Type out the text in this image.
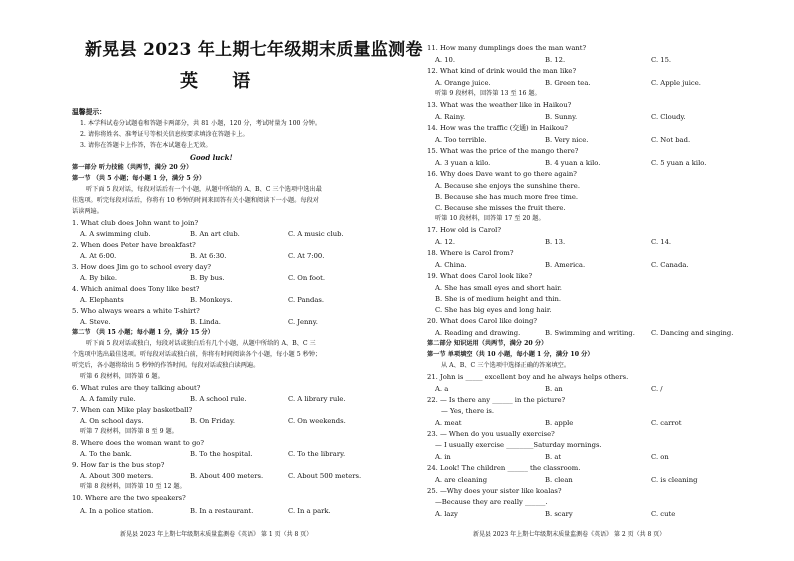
新晃县 2023 年上期七年级期末质量监测卷
英 语
温馨提示：
1. 本学科试卷分试题卷和答题卡两部分，共 81 小题，120 分，考试时量为 100 分钟。
2. 请你将姓名、准考证号等相关信息按要求填涂在答题卡上。
3. 请你在答题卡上作答，答在本试题卷上无效。
Good luck!
第一部分 听力技能（共两节，满分 20 分）
第一节 （共 5 小题；每小题 1 分，满分 5 分）
听下面 5 段对话，每段对话后有一个小题，从题中所给的 A、B、C 三个选项中选出最
佳选项。听完每段对话后，你将有 10 秒钟的时间来回答有关小题和阅读下一小题。每段对
话读两遍。
1. What club does John want to join?
A. A swimming club.	B. An art club.	C. A music club.
2. When does Peter have breakfast?
A. At 6:00.	B. At 6:30.	C. At 7:00.
3. How does Jim go to school every day?
A. By bike.	B. By bus.	C. On foot.
4. Which animal does Tony like best?
A. Elephants	B. Monkeys.	C. Pandas.
5. Who always wears a white T-shirt?
A. Steve.	B. Linda.	C. Jenny.
第二节 （共 15 小题；每小题 1 分，满分 15 分）
听下面 5 段对话或独白，每段对话或独白后有几个小题，从题中所给的 A、B、C 三
个选项中选出最佳选项。听每段对话或独白前，你将有时间阅读各个小题，每小题 5 秒钟；
听完后，各小题将给出 5 秒钟的作答时间。每段对话或独白读两遍。
听第 6 段材料，回答第 6 题。
6. What rules are they talking about?
A. A family rule.	B. A school rule.	C. A library rule.
7. When can Mike play basketball?
A. On school days.	B. On Friday.	C. On weekends.
听第 7 段材料，回答第 8 至 9 题。
8. Where does the woman want to go?
A. To the bank.	B. To the hospital.	C. To the library.
9. How far is the bus stop?
A. About 300 meters.	B. About 400 meters.	C. About 500 meters.
听第 8 段材料，回答第 10 至 12 题。
10. Where are the two speakers?
A. In a police station.	B. In a restaurant.	C. In a park.
新晃县 2023 年上期七年级期末质量监测卷《英语》 第 1 页（共 8 页）
11. How many dumplings does the man want?
A. 10.	B. 12.	C. 15.
12. What kind of drink would the man like?
A. Orange juice.	B. Green tea.	C. Apple juice.
听第 9 段材料，回答第 13 至 16 题。
13. What was the weather like in Haikou?
A. Rainy.	B. Sunny.	C. Cloudy.
14. How was the traffic (交通) in Haikou?
A. Too terrible.	B. Very nice.	C. Not bad.
15. What was the price of the mango there?
A. 3 yuan a kilo.	B. 4 yuan a kilo.	C. 5 yuan a kilo.
16. Why does Dave want to go there again?
A. Because she enjoys the sunshine there.
B. Because she has much more free time.
C. Because she misses the fruit there.
听第 10 段材料，回答第 17 至 20 题。
17. How old is Carol?
A. 12.	B. 13.	C. 14.
18. Where is Carol from?
A. China.	B. America.	C. Canada.
19. What does Carol look like?
A. She has small eyes and short hair.
B. She is of medium height and thin.
C. She has big eyes and long hair.
20. What does Carol like doing?
A. Reading and drawing.	B. Swimming and writing. C. Dancing and singing.
第二部分 知识运用（共两节，满分 20 分）
第一节 单项填空（共 10 小题，每小题 1 分，满分 10 分）
从 A、B、C 三个选项中选择正确的答案填空。
21. John is _____ excellent boy and he always helps others.
A. a	B. an	C. /
22. — Is there any ______ in the picture?
— Yes, there is.
A. meat	B. apple	C. carrot
23. — When do you usually exercise?
— I usually exercise ________Saturday mornings.
A. in	B. at	C. on
24. Look! The children ______ the classroom.
A. are cleaning	B. clean	C. is cleaning
25. —Why does your sister like koalas?
—Because they are really ______.
A. lazy	B. scary	C. cute
新晃县 2023 年上期七年级期末质量监测卷《英语》 第 2 页（共 8 页）
